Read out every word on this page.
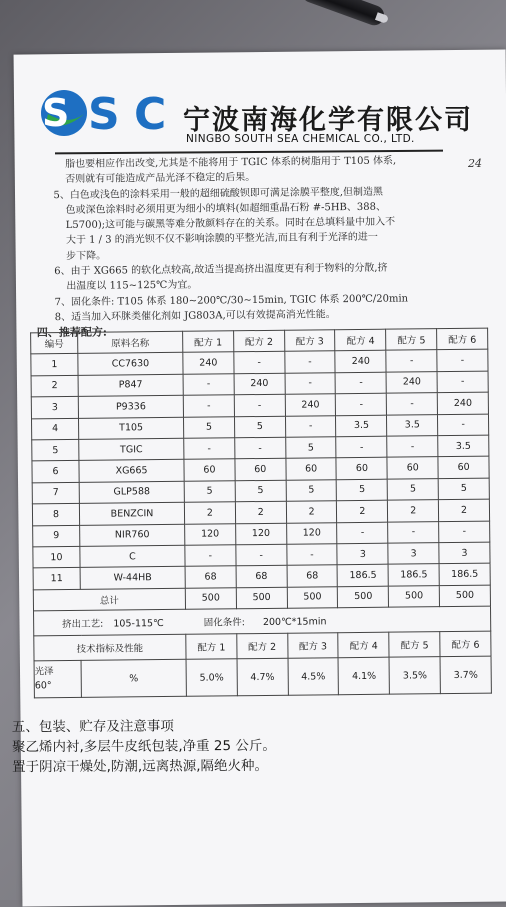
S S C 宁波南海化学有限公司
NINGBO SOUTH SEA CHEMICAL CO., LTD.
24

脂也要相应作出改变,尤其是不能将用于 TGIC 体系的树脂用于 T105 体系,

否则就有可能造成产品光泽不稳定的后果。

5、白色或浅色的涂料采用一般的超细硫酸钡即可满足涂膜平整度,但制造黑

色或深色涂料时必须用更为细小的填料(如超细重晶石粉 #-5HB、388、

L5700);这可能与碳黑等难分散颜料存在的关系。同时在总填料量中加入不

大于 1 / 3 的消光钡不仅不影响涂膜的平整光洁,而且有利于光泽的进一

步下降。

6、由于 XG665 的软化点较高,故适当提高挤出温度更有利于物料的分散,挤

出温度以 115~125℃为宜。

7、固化条件: T105 体系 180~200℃/30~15min, TGIC 体系 200℃/20min

8、适当加入环脒类催化剂如 JG803A,可以有效提高消光性能。

四、推荐配方:

编号	原料名称	配方 1	配方 2	配方 3	配方 4	配方 5	配方 6
1	CC7630	240	-	-	240	-	-
2	P847	-	240	-	-	240	-
3	P9336	-	-	240	-	-	240
4	T105	5	5	-	3.5	3.5	-
5	TGIC	-	-	5	-	-	3.5
6	XG665	60	60	60	60	60	60
7	GLP588	5	5	5	5	5	5
8	BENZCIN	2	2	2	2	2	2
9	NIR760	120	120	120	-	-	-
10	C	-	-	-	3	3	3
11	W-44HB	68	68	68	186.5	186.5	186.5
总计		500	500	500	500	500	500
挤出工艺: 105-115℃ 固化条件: 200℃*15min							
技术指标及性能		配方 1	配方 2	配方 3	配方 4	配方 5	配方 6

光泽
60°	%	5.0%	4.7%	4.5%	4.1%	3.5%	3.7%

五、包装、贮存及注意事项

聚乙烯内衬,多层牛皮纸包装,净重 25 公斤。

置于阴凉干燥处,防潮,远离热源,隔绝火种。
